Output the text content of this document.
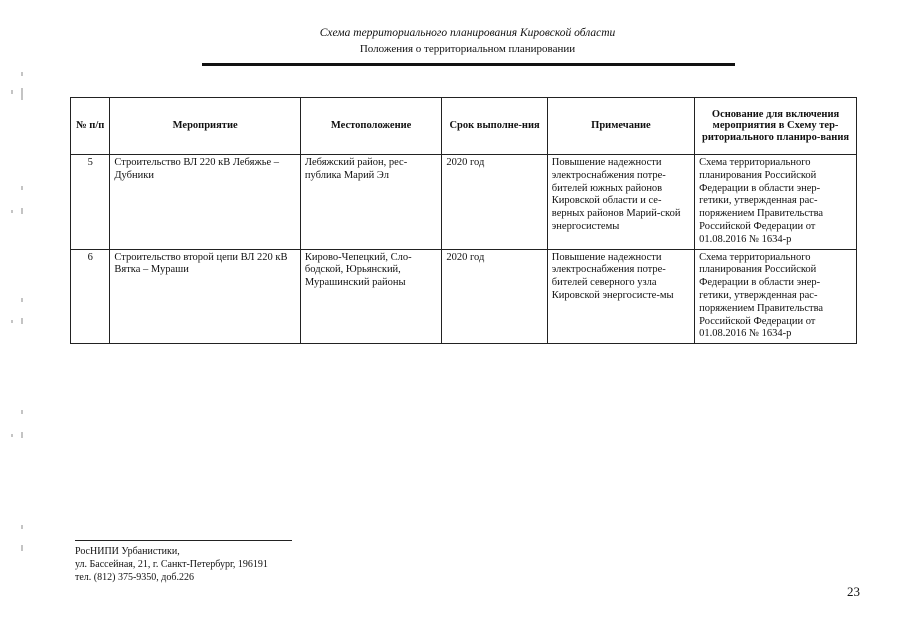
Схема территориального планирования Кировской области
Положения о территориальном планировании
№ п/п	Мероприятие	Местоположение	Срок выполне-ния	Примечание	Основание для включения мероприятия в Схему тер-риториального планиро-вания
5	Строительство ВЛ 220 кВ Лебяжье – Дубники	Лебяжский район, рес-публика Марий Эл	2020 год	Повышение надежности электроснабжения потре-бителей южных районов Кировской области и се-верных районов Марий-ской энергосистемы	Схема территориального планирования Российской Федерации в области энер-гетики, утвержденная рас-поряжением Правительства Российской Федерации от 01.08.2016 № 1634-р
6	Строительство второй цепи ВЛ 220 кВ Вятка – Мураши	Кирово-Чепецкий, Сло-бодской, Юрьянский, Мурашинский районы	2020 год	Повышение надежности электроснабжения потре-бителей северного узла Кировской энергосисте-мы	Схема территориального планирования Российской Федерации в области энер-гетики, утвержденная рас-поряжением Правительства Российской Федерации от 01.08.2016 № 1634-р
РосНИПИ Урбанистики,
ул. Бассейная, 21, г. Санкт-Петербург, 196191
тел. (812) 375-9350, доб.226
23
